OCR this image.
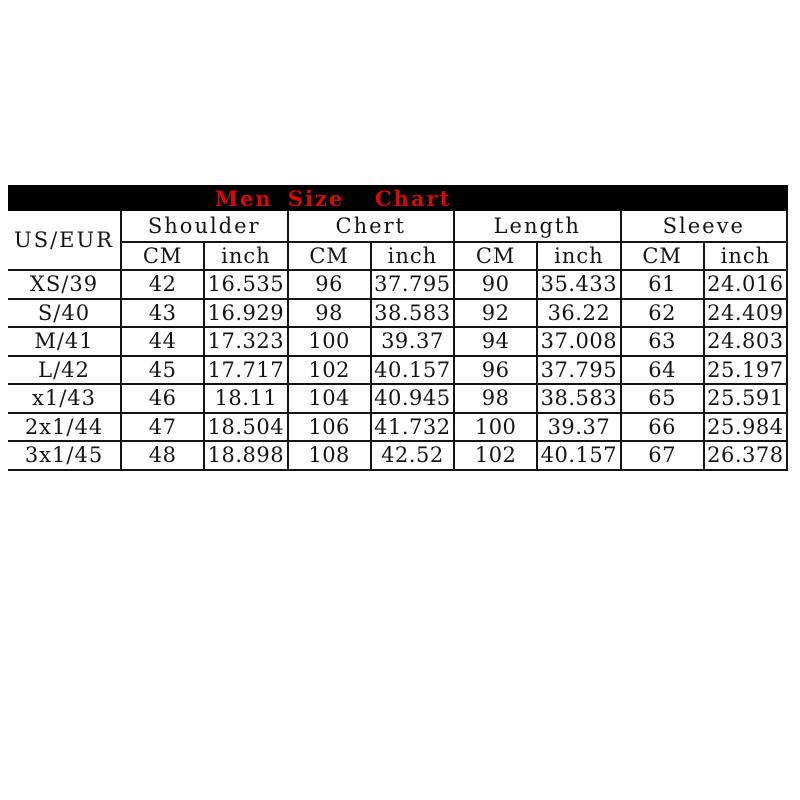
Men Size  Chart
US/EUR	Shoulder		Chert		Length		Sleeve	
	CM	inch	CM	inch	CM	inch	CM	inch
XS/39	42	16.535	96	37.795	90	35.433	61	24.016
S/40	43	16.929	98	38.583	92	36.22	62	24.409
M/41	44	17.323	100	39.37	94	37.008	63	24.803
L/42	45	17.717	102	40.157	96	37.795	64	25.197
x1/43	46	18.11	104	40.945	98	38.583	65	25.591
2x1/44	47	18.504	106	41.732	100	39.37	66	25.984
3x1/45	48	18.898	108	42.52	102	40.157	67	26.378
